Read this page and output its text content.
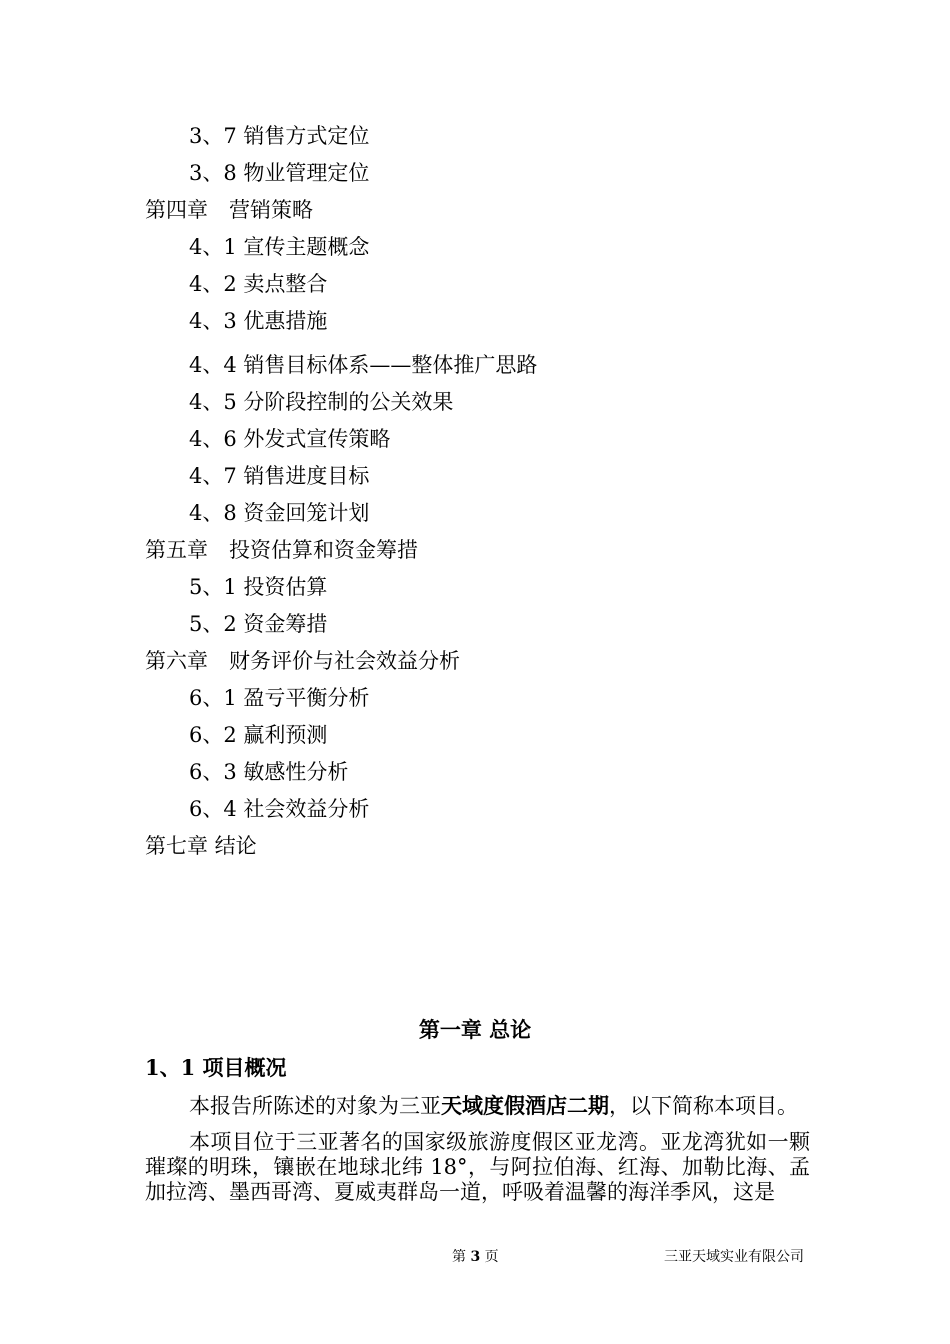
3、7 销售方式定位
3、8 物业管理定位
第四章　营销策略
4、1 宣传主题概念
4、2 卖点整合
4、3 优惠措施
4、4 销售目标体系——整体推广思路
4、5 分阶段控制的公关效果
4、6 外发式宣传策略
4、7 销售进度目标
4、8 资金回笼计划
第五章　投资估算和资金筹措
5、1 投资估算
5、2 资金筹措
第六章　财务评价与社会效益分析
6、1 盈亏平衡分析
6、2 赢利预测
6、3 敏感性分析
6、4 社会效益分析
第七章 结论
第一章 总论
1、1 项目概况
本报告所陈述的对象为三亚天域度假酒店二期，以下简称本项目。
本项目位于三亚著名的国家级旅游度假区亚龙湾。亚龙湾犹如一颗璀璨的明珠，镶嵌在地球北纬 18°，与阿拉伯海、红海、加勒比海、孟加拉湾、墨西哥湾、夏威夷群岛一道，呼吸着温馨的海洋季风，这是
第 3 页	三亚天域实业有限公司
